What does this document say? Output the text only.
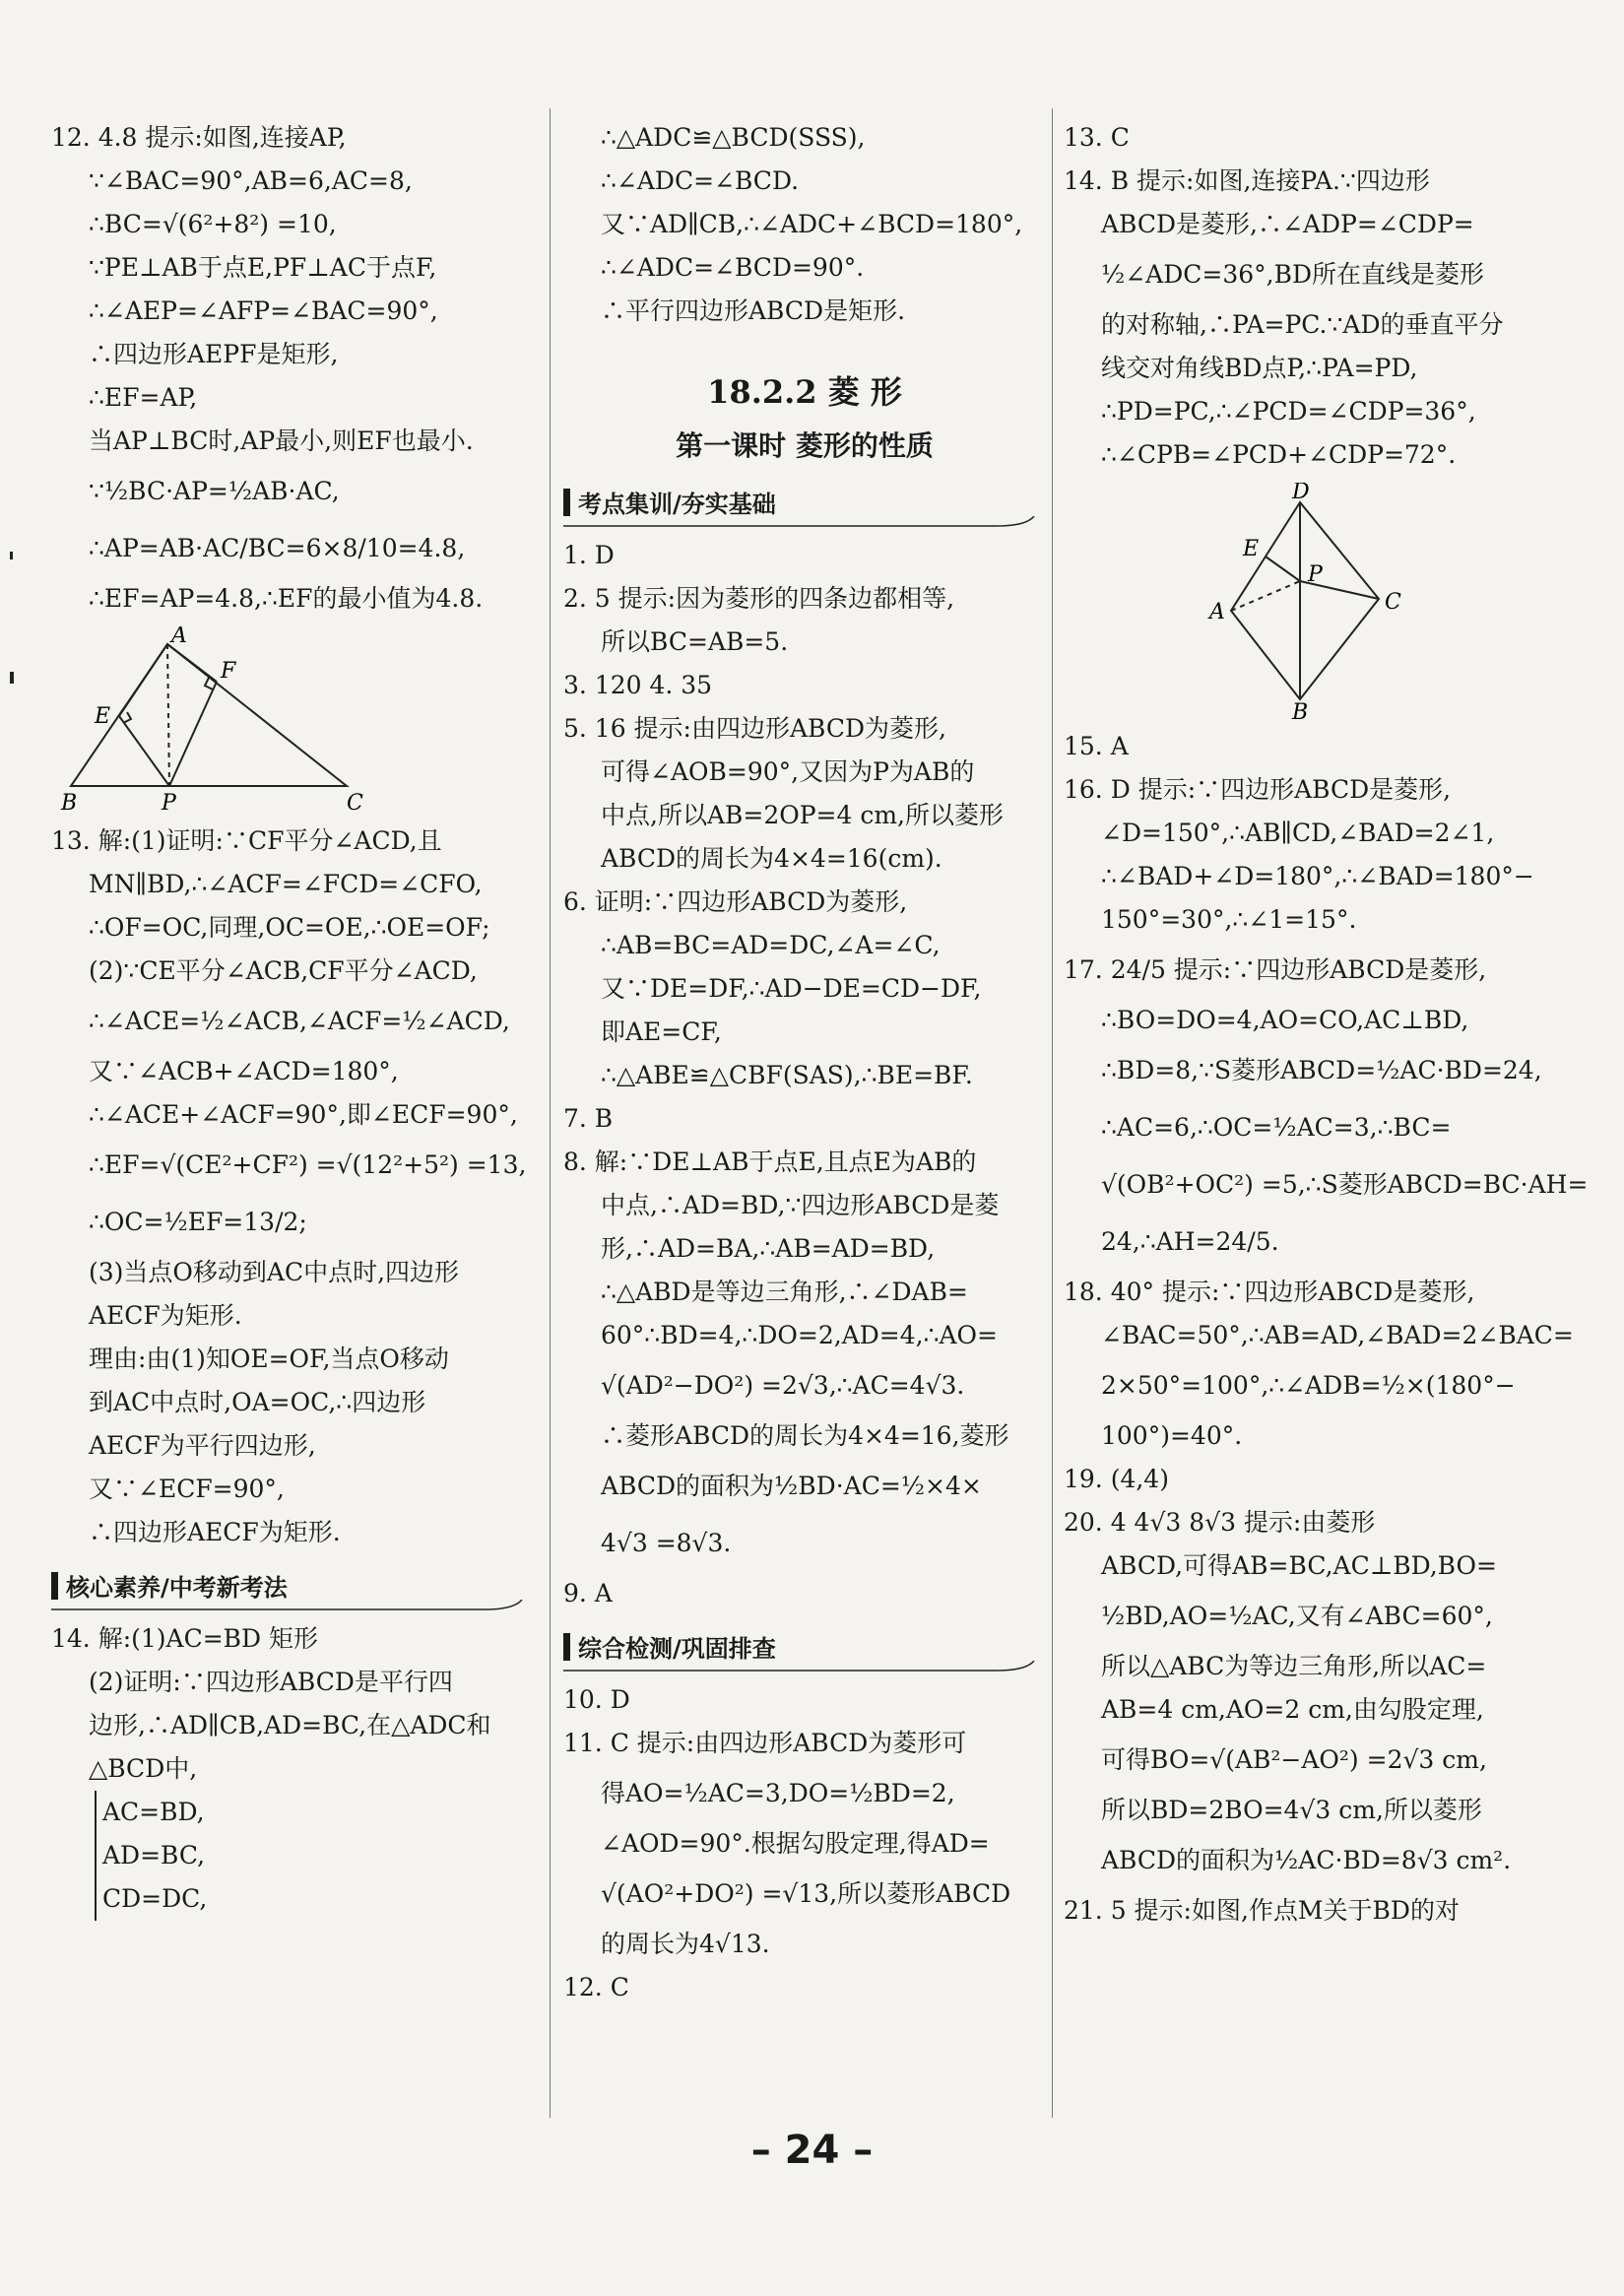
12. 4.8 提示:如图,连接AP,
∵∠BAC=90°,AB=6,AC=8,
∴BC=√(6²+8²) =10,
∵PE⊥AB于点E,PF⊥AC于点F,
∴∠AEP=∠AFP=∠BAC=90°,
∴四边形AEPF是矩形,
∴EF=AP,
当AP⊥BC时,AP最小,则EF也最小.
∵½BC·AP=½AB·AC,
∴AP=AB·AC/BC=6×8/10=4.8,
∴EF=AP=4.8,∴EF的最小值为4.8.
A
F
E
B	P	C
13. 解:(1)证明:∵CF平分∠ACD,且
MN∥BD,∴∠ACF=∠FCD=∠CFO,
∴OF=OC,同理,OC=OE,∴OE=OF;
(2)∵CE平分∠ACB,CF平分∠ACD,
∴∠ACE=½∠ACB,∠ACF=½∠ACD,
又∵∠ACB+∠ACD=180°,
∴∠ACE+∠ACF=90°,即∠ECF=90°,
∴EF=√(CE²+CF²) =√(12²+5²) =13,
∴OC=½EF=13/2;
(3)当点O移动到AC中点时,四边形
AECF为矩形.
理由:由(1)知OE=OF,当点O移动
到AC中点时,OA=OC,∴四边形
AECF为平行四边形,
又∵∠ECF=90°,
∴四边形AECF为矩形.
核心素养/中考新考法
14. 解:(1)AC=BD 矩形
(2)证明:∵四边形ABCD是平行四
边形,∴AD∥CB,AD=BC,在△ADC和
△BCD中,
AC=BD,
AD=BC,
CD=DC,
∴△ADC≌△BCD(SSS),
∴∠ADC=∠BCD.
又∵AD∥CB,∴∠ADC+∠BCD=180°,
∴∠ADC=∠BCD=90°.
∴平行四边形ABCD是矩形.
18.2.2 菱 形
第一课时 菱形的性质
考点集训/夯实基础
1. D
2. 5 提示:因为菱形的四条边都相等,
所以BC=AB=5.
3. 120 4. 35
5. 16 提示:由四边形ABCD为菱形,
可得∠AOB=90°,又因为P为AB的
中点,所以AB=2OP=4 cm,所以菱形
ABCD的周长为4×4=16(cm).
6. 证明:∵四边形ABCD为菱形,
∴AB=BC=AD=DC,∠A=∠C,
又∵DE=DF,∴AD−DE=CD−DF,
即AE=CF,
∴△ABE≌△CBF(SAS),∴BE=BF.
7. B
8. 解:∵DE⊥AB于点E,且点E为AB的
中点,∴AD=BD,∵四边形ABCD是菱
形,∴AD=BA,∴AB=AD=BD,
∴△ABD是等边三角形,∴∠DAB=
60°∴BD=4,∴DO=2,AD=4,∴AO=
√(AD²−DO²) =2√3,∴AC=4√3.
∴菱形ABCD的周长为4×4=16,菱形
ABCD的面积为½BD·AC=½×4×
4√3 =8√3.
9. A
综合检测/巩固排查
10. D
11. C 提示:由四边形ABCD为菱形可
得AO=½AC=3,DO=½BD=2,
∠AOD=90°.根据勾股定理,得AD=
√(AO²+DO²) =√13,所以菱形ABCD
的周长为4√13.
12. C
13. C
14. B 提示:如图,连接PA.∵四边形
ABCD是菱形,∴∠ADP=∠CDP=
½∠ADC=36°,BD所在直线是菱形
的对称轴,∴PA=PC.∵AD的垂直平分
线交对角线BD点P,∴PA=PD,
∴PD=PC,∴∠PCD=∠CDP=36°,
∴∠CPB=∠PCD+∠CDP=72°.
D
E
P
A	C
B
15. A
16. D 提示:∵四边形ABCD是菱形,
∠D=150°,∴AB∥CD,∠BAD=2∠1,
∴∠BAD+∠D=180°,∴∠BAD=180°−
150°=30°,∴∠1=15°.
17. 24/5 提示:∵四边形ABCD是菱形,
∴BO=DO=4,AO=CO,AC⊥BD,
∴BD=8,∵S菱形ABCD=½AC·BD=24,
∴AC=6,∴OC=½AC=3,∴BC=
√(OB²+OC²) =5,∴S菱形ABCD=BC·AH=
24,∴AH=24/5.
18. 40° 提示:∵四边形ABCD是菱形,
∠BAC=50°,∴AB=AD,∠BAD=2∠BAC=
2×50°=100°,∴∠ADB=½×(180°−
100°)=40°.
19. (4,4)
20. 4 4√3 8√3 提示:由菱形
ABCD,可得AB=BC,AC⊥BD,BO=
½BD,AO=½AC,又有∠ABC=60°,
所以△ABC为等边三角形,所以AC=
AB=4 cm,AO=2 cm,由勾股定理,
可得BO=√(AB²−AO²) =2√3 cm,
所以BD=2BO=4√3 cm,所以菱形
ABCD的面积为½AC·BD=8√3 cm².
21. 5 提示:如图,作点M关于BD的对
– 24 –
